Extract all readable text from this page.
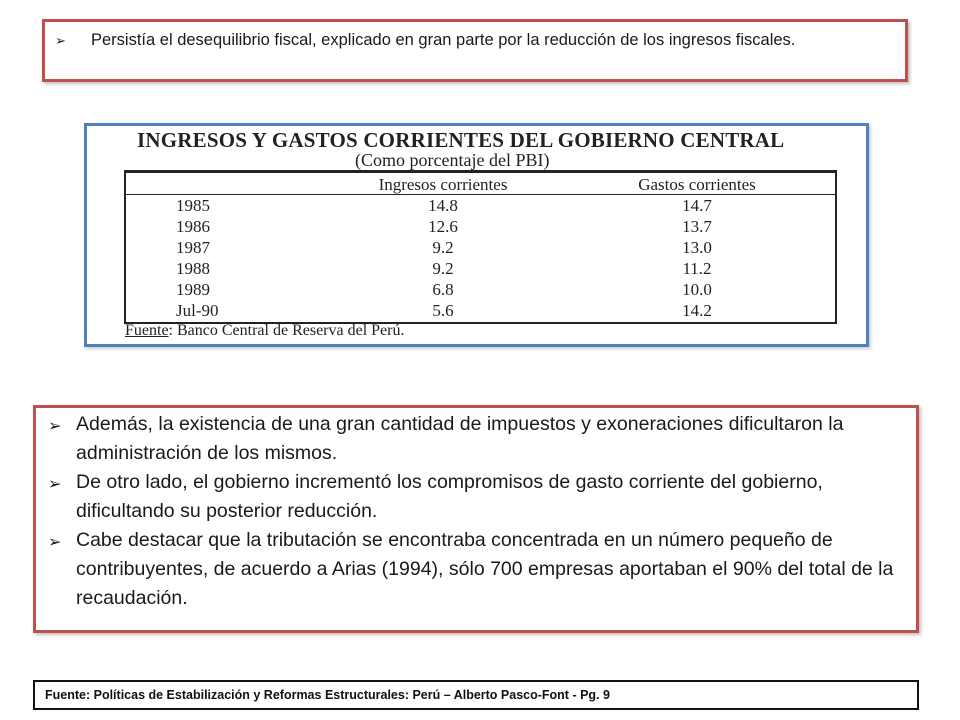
➢ Persistía el desequilibrio fiscal, explicado en gran parte por la reducción de los ingresos fiscales.
INGRESOS Y GASTOS CORRIENTES DEL GOBIERNO CENTRAL
(Como porcentaje del PBI)
	Ingresos corrientes	Gastos corrientes
1985	14.8	14.7
1986	12.6	13.7
1987	9.2	13.0
1988	9.2	11.2
1989	6.8	10.0
Jul-90	5.6	14.2
Fuente: Banco Central de Reserva del Perú.
➢ Además, la existencia de una gran cantidad de impuestos y exoneraciones dificultaron la administración de los mismos.
➢ De otro lado, el gobierno incrementó los compromisos de gasto corriente del gobierno, dificultando su posterior reducción.
➢ Cabe destacar que la tributación se encontraba concentrada en un número pequeño de contribuyentes, de acuerdo a Arias (1994), sólo 700 empresas aportaban el 90% del total de la recaudación.
Fuente: Políticas de Estabilización y Reformas Estructurales: Perú – Alberto Pasco-Font - Pg. 9
